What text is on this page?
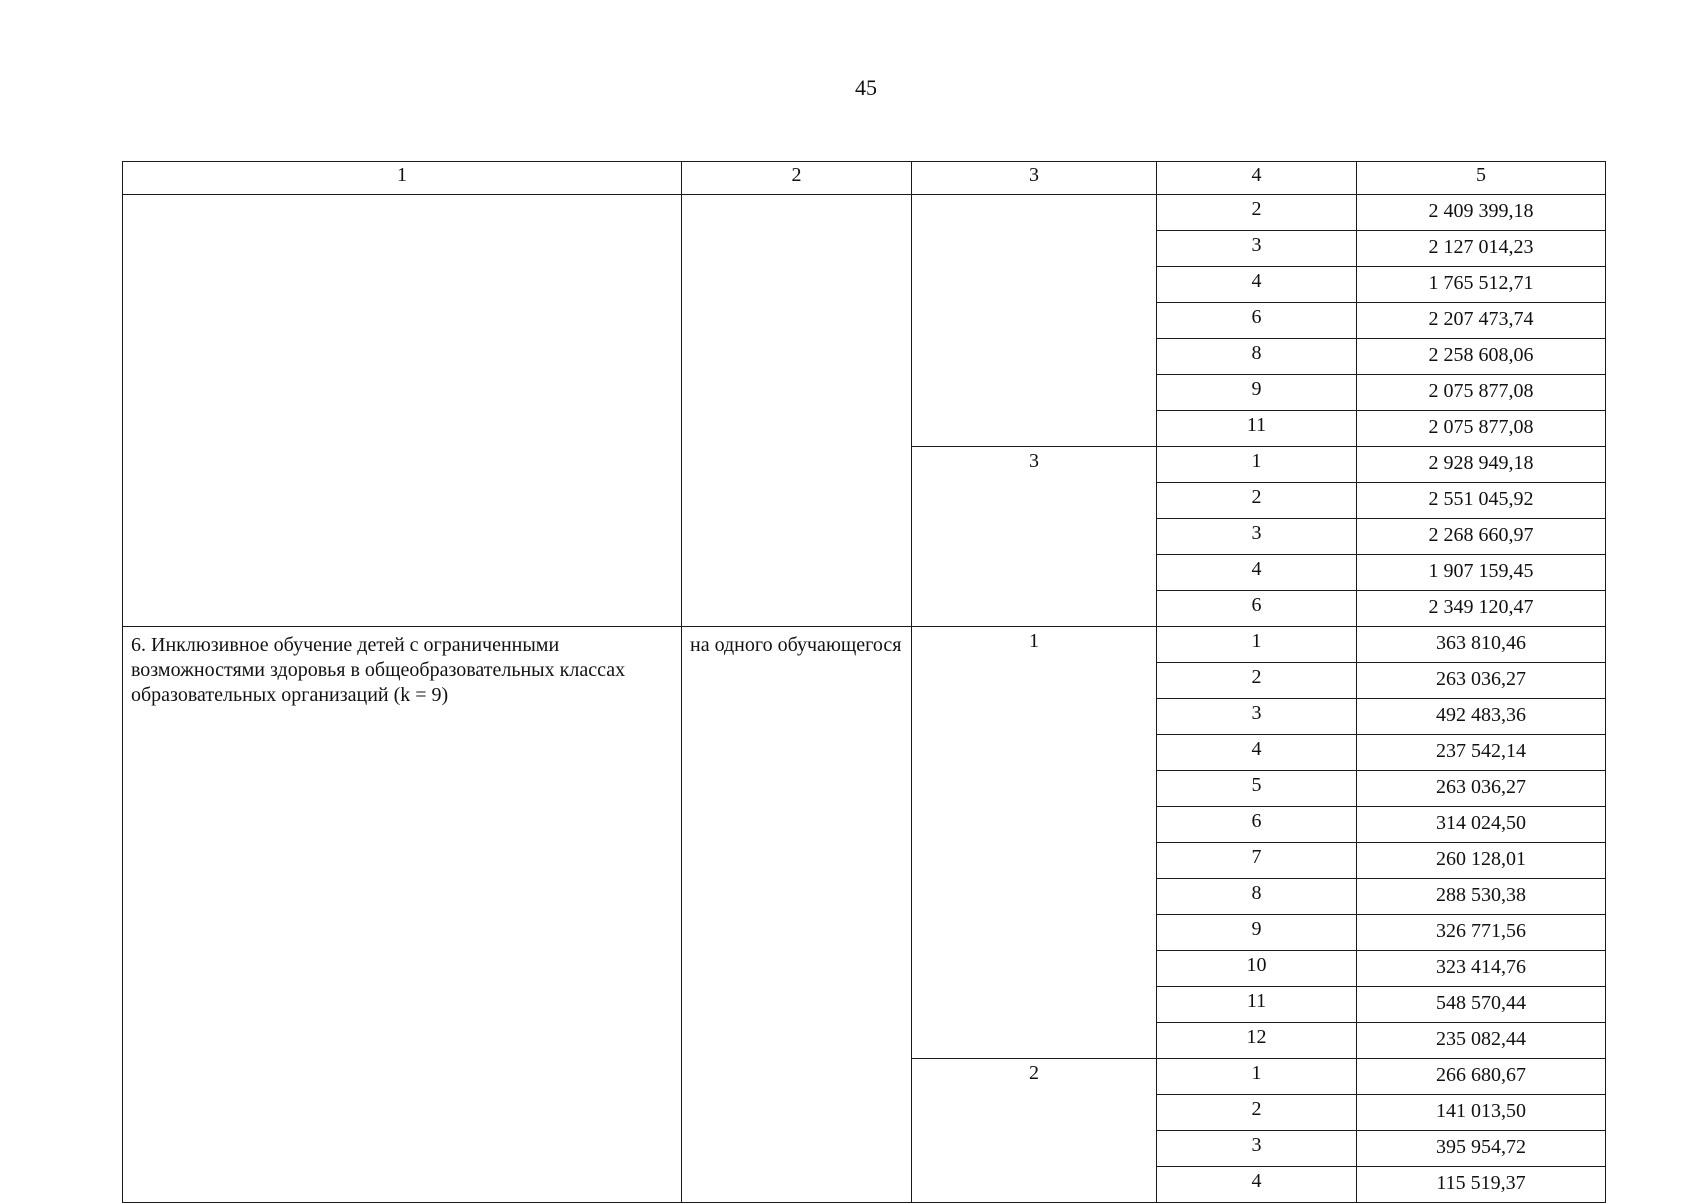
45
1	2	3	4	5
			2	2 409 399,18
			3	2 127 014,23
			4	1 765 512,71
			6	2 207 473,74
			8	2 258 608,06
			9	2 075 877,08
			11	2 075 877,08
		3	1	2 928 949,18
			2	2 551 045,92
			3	2 268 660,97
			4	1 907 159,45
			6	2 349 120,47
6. Инклюзивное обучение детей с ограниченными возможностями здоровья в общеобразовательных классах образовательных организаций (k = 9)	на одного обучающегося	1	1	363 810,46
			2	263 036,27
			3	492 483,36
			4	237 542,14
			5	263 036,27
			6	314 024,50
			7	260 128,01
			8	288 530,38
			9	326 771,56
			10	323 414,76
			11	548 570,44
			12	235 082,44
		2	1	266 680,67
			2	141 013,50
			3	395 954,72
			4	115 519,37
